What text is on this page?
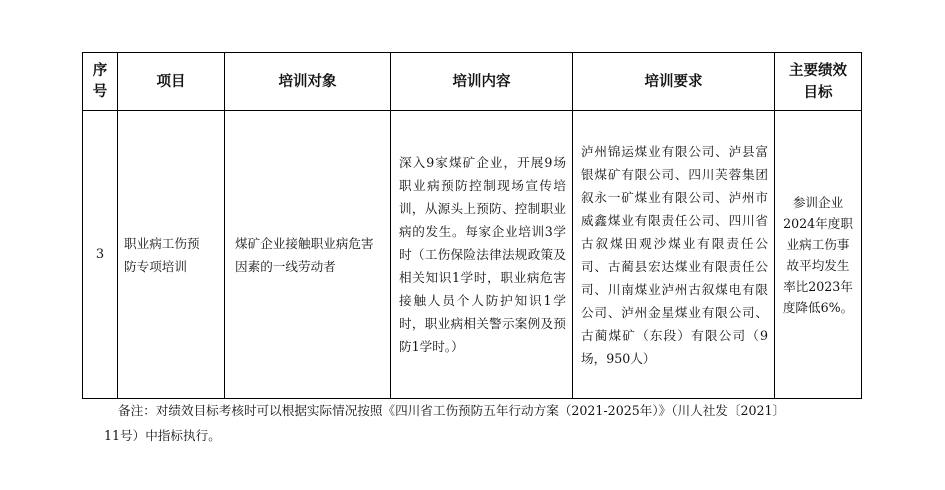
序号	项目	培训对象	培训内容	培训要求	主要绩效目标

3	职业病工伤预防专项培训	煤矿企业接触职业病危害因素的一线劳动者	深入9家煤矿企业，开展9场职业病预防控制现场宣传培训，从源头上预防、控制职业病的发生。每家企业培训3学时（工伤保险法律法规政策及相关知识1学时，职业病危害接触人员个人防护知识1学时，职业病相关警示案例及预防1学时。）	泸州锦运煤业有限公司、泸县富银煤矿有限公司、四川芙蓉集团叙永一矿煤业有限公司、泸州市威鑫煤业有限责任公司、四川省古叙煤田观沙煤业有限责任公司、古蔺县宏达煤业有限责任公司、川南煤业泸州古叙煤电有限公司、泸州金星煤业有限公司、古蔺煤矿（东段）有限公司（9场，950人）	参训企业2024年度职业病工伤事故平均发生率比2023年度降低6%。
备注：对绩效目标考核时可以根据实际情况按照《四川省工伤预防五年行动方案（2021-2025年）》（川人社发〔2021〕
11号）中指标执行。
